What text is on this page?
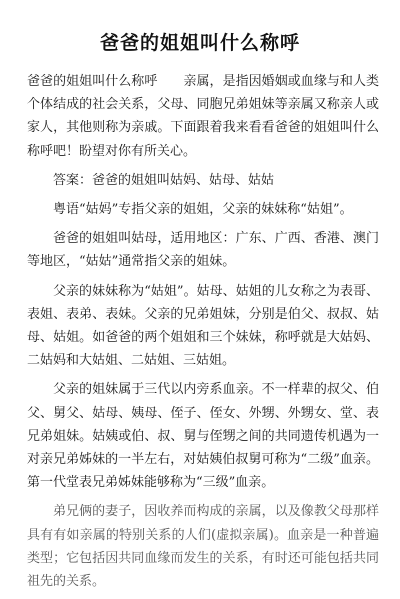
爸爸的姐姐叫什么称呼

爸爸的姐姐叫什么称呼　　亲属，是指因婚姻或血缘与和人类个体结成的社会关系，父母、同胞兄弟姐妹等亲属又称亲人或家人，其他则称为亲戚。下面跟着我来看看爸爸的姐姐叫什么称呼吧！盼望对你有所关心。

答案：爸爸的姐姐叫姑妈、姑母、姑姑

粤语“姑妈”专指父亲的姐姐，父亲的妹妹称“姑姐”。

爸爸的姐姐叫姑母，适用地区：广东、广西、香港、澳门等地区，“姑姑”通常指父亲的姐妹。

父亲的妹妹称为“姑姐”。姑母、姑姐的儿女称之为表哥、表姐、表弟、表妹。父亲的兄弟姐妹，分别是伯父、叔叔、姑母、姑姐。如爸爸的两个姐姐和三个妹妹，称呼就是大姑妈、二姑妈和大姑姐、二姑姐、三姑姐。

父亲的姐妹属于三代以内旁系血亲。不一样辈的叔父、伯父、舅父、姑母、姨母、侄子、侄女、外甥、外甥女、堂、表兄弟姐妹。姑姨或伯、叔、舅与侄甥之间的共同遗传机遇为一对亲兄弟姊妹的一半左右，对姑姨伯叔舅可称为“二级”血亲。第一代堂表兄弟姊妹能够称为“三级”血亲。

弟兄俩的妻子，因收养而构成的亲属，以及像教父母那样具有有如亲属的特别关系的人们(虚拟亲属)。血亲是一种普遍类型；它包括因共同血缘而发生的关系，有时还可能包括共同祖先的关系。
